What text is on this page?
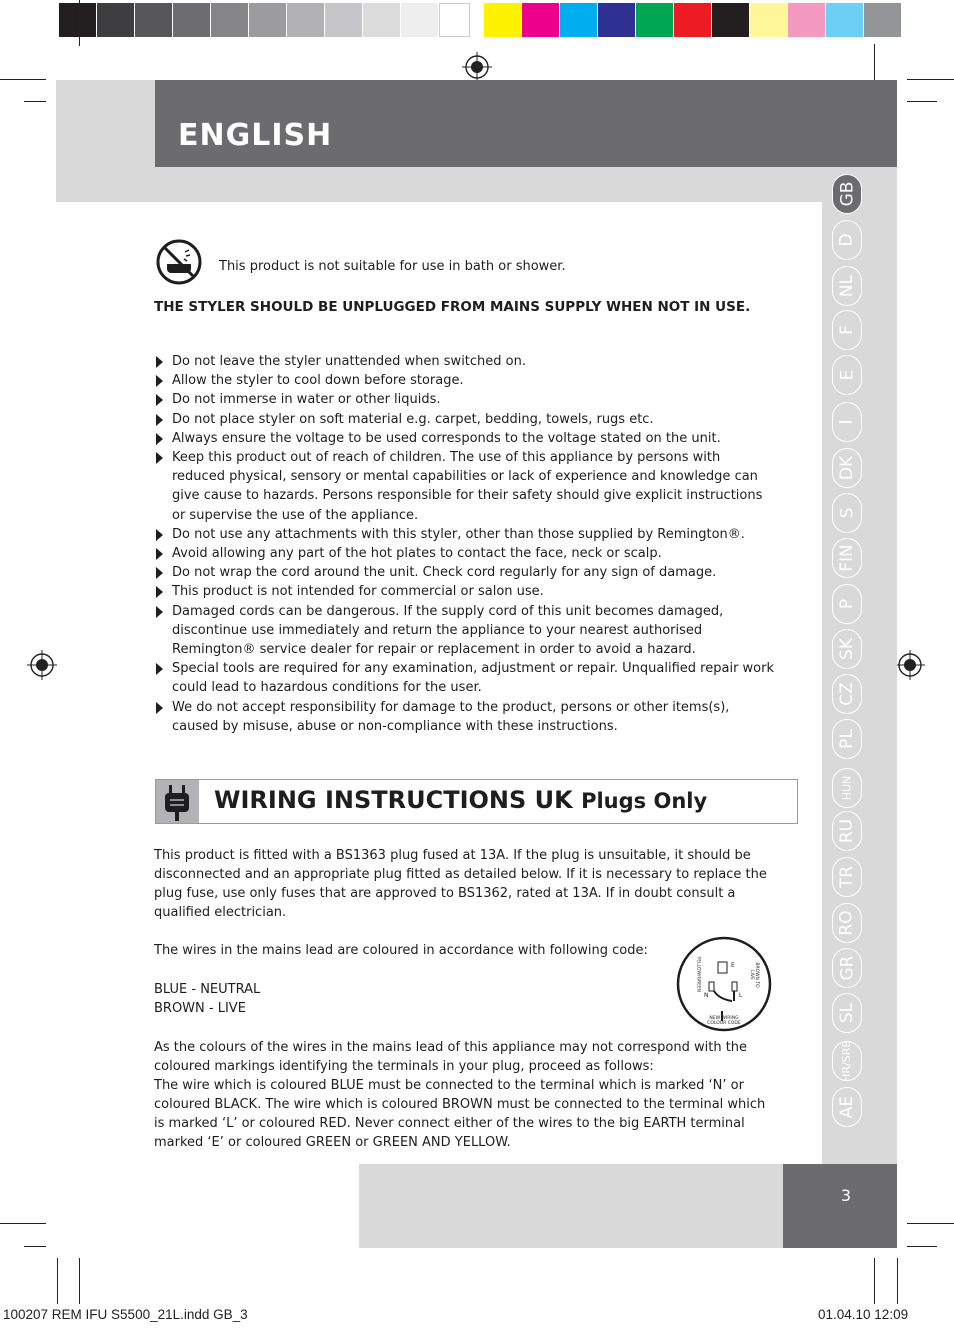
ENGLISH
GB
D
NL
F
E
I
DK
S
FIN
P
SK
CZ
PL
HUN
RU
TR
RO
GR
SL
HR/SRB
AE
This product is not suitable for use in bath or shower.
THE STYLER SHOULD BE UNPLUGGED FROM MAINS SUPPLY WHEN NOT IN USE.
Do not leave the styler unattended when switched on.
Allow the styler to cool down before storage.
Do not immerse in water or other liquids.
Do not place styler on soft material e.g. carpet, bedding, towels, rugs etc.
Always ensure the voltage to be used corresponds to the voltage stated on the unit.
Keep this product out of reach of children. The use of this appliance by persons with reduced physical, sensory or mental capabilities or lack of experience and knowledge can give cause to hazards. Persons responsible for their safety should give explicit instructions or supervise the use of the appliance.
Do not use any attachments with this styler, other than those supplied by Remington®.
Avoid allowing any part of the hot plates to contact the face, neck or scalp.
Do not wrap the cord around the unit. Check cord regularly for any sign of damage.
This product is not intended for commercial or salon use.
Damaged cords can be dangerous. If the supply cord of this unit becomes damaged, discontinue use immediately and return the appliance to your nearest authorised Remington® service dealer for repair or replacement in order to avoid a hazard.
Special tools are required for any examination, adjustment or repair. Unqualified repair work could lead to hazardous conditions for the user.
We do not accept responsibility for damage to the product, persons or other items(s), caused by misuse, abuse or non-compliance with these instructions.
WIRING INSTRUCTIONS UK Plugs Only
This product is fitted with a BS1363 plug fused at 13A. If the plug is unsuitable, it should be disconnected and an appropriate plug fitted as detailed below. If it is necessary to replace the plug fuse, use only fuses that are approved to BS1362, rated at 13A. If in doubt consult a qualified electrician.
The wires in the mains lead are coloured in accordance with following code:
BLUE - NEUTRAL
BROWN - LIVE
As the colours of the wires in the mains lead of this appliance may not correspond with the coloured markings identifying the terminals in your plug, proceed as follows:
The wire which is coloured BLUE must be connected to the terminal which is marked ‘N’ or coloured BLACK. The wire which is coloured BROWN must be connected to the terminal which is marked ‘L’ or coloured RED. Never connect either of the wires to the big EARTH terminal marked ‘E’ or coloured GREEN or GREEN AND YELLOW.
E
N	L
YELLOW/GREEN	BROWN TO LIVE
NEW WIRING COLOUR CODE
3
100207 REM IFU S5500_21L.indd GB_3	01.04.10 12:09
